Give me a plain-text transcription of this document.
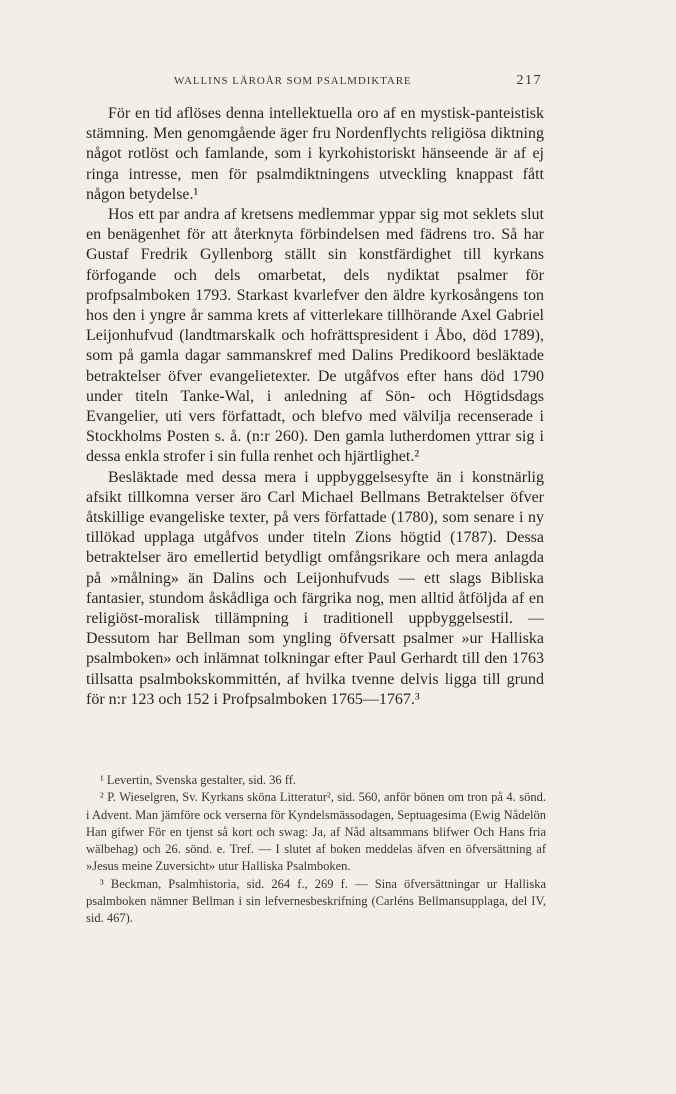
WALLINS LÄROÅR SOM PSALMDIKTARE	217

För en tid aflöses denna intellektuella oro af en mystisk-panteistisk stämning. Men genomgående äger fru Nordenflychts religiösa diktning något rotlöst och famlande, som i kyrkohistoriskt hänseende är af ej ringa intresse, men för psalmdiktningens utveckling knappast fått någon betydelse.¹

Hos ett par andra af kretsens medlemmar yppar sig mot seklets slut en benägenhet för att återknyta förbindelsen med fädrens tro. Så har Gustaf Fredrik Gyllenborg ställt sin konstfärdighet till kyrkans förfogande och dels omarbetat, dels nydiktat psalmer för profpsalmboken 1793. Starkast kvarlefver den äldre kyrkosångens ton hos den i yngre år samma krets af vitterlekare tillhörande Axel Gabriel Leijonhufvud (landtmarskalk och hofrättspresident i Åbo, död 1789), som på gamla dagar sammanskref med Dalins Predikoord besläktade betraktelser öfver evangelietexter. De utgåfvos efter hans död 1790 under titeln Tanke-Wal, i anledning af Sön- och Högtidsdags Evangelier, uti vers författadt, och blefvo med välvilja recenserade i Stockholms Posten s. å. (n:r 260). Den gamla lutherdomen yttrar sig i dessa enkla strofer i sin fulla renhet och hjärtlighet.²

Besläktade med dessa mera i uppbyggelsesyfte än i konstnärlig afsikt tillkomna verser äro Carl Michael Bellmans Betraktelser öfver åtskillige evangeliske texter, på vers författade (1780), som senare i ny tillökad upplaga utgåfvos under titeln Zions högtid (1787). Dessa betraktelser äro emellertid betydligt omfångsrikare och mera anlagda på »målning» än Dalins och Leijonhufvuds — ett slags Bibliska fantasier, stundom åskådliga och färgrika nog, men alltid åtföljda af en religiöst-moralisk tillämpning i traditionell uppbyggelsestil. — Dessutom har Bellman som yngling öfversatt psalmer »ur Halliska psalmboken» och inlämnat tolkningar efter Paul Gerhardt till den 1763 tillsatta psalmbokskommittén, af hvilka tvenne delvis ligga till grund för n:r 123 och 152 i Profpsalmboken 1765—1767.³

¹ Levertin, Svenska gestalter, sid. 36 ff.

² P. Wieselgren, Sv. Kyrkans sköna Litteratur², sid. 560, anför bönen om tron på 4. sönd. i Advent. Man jämföre ock verserna för Kyndelsmässodagen, Septuagesima (Ewig Nådelön Han gifwer För en tjenst så kort och swag: Ja, af Nåd altsammans blifwer Och Hans fria wälbehag) och 26. sönd. e. Tref. — I slutet af boken meddelas äfven en öfversättning af »Jesus meine Zuversicht» utur Halliska Psalmboken.

³ Beckman, Psalmhistoria, sid. 264 f., 269 f. — Sina öfversättningar ur Halliska psalmboken nämner Bellman i sin lefvernesbeskrifning (Carléns Bellmansupplaga, del IV, sid. 467).
